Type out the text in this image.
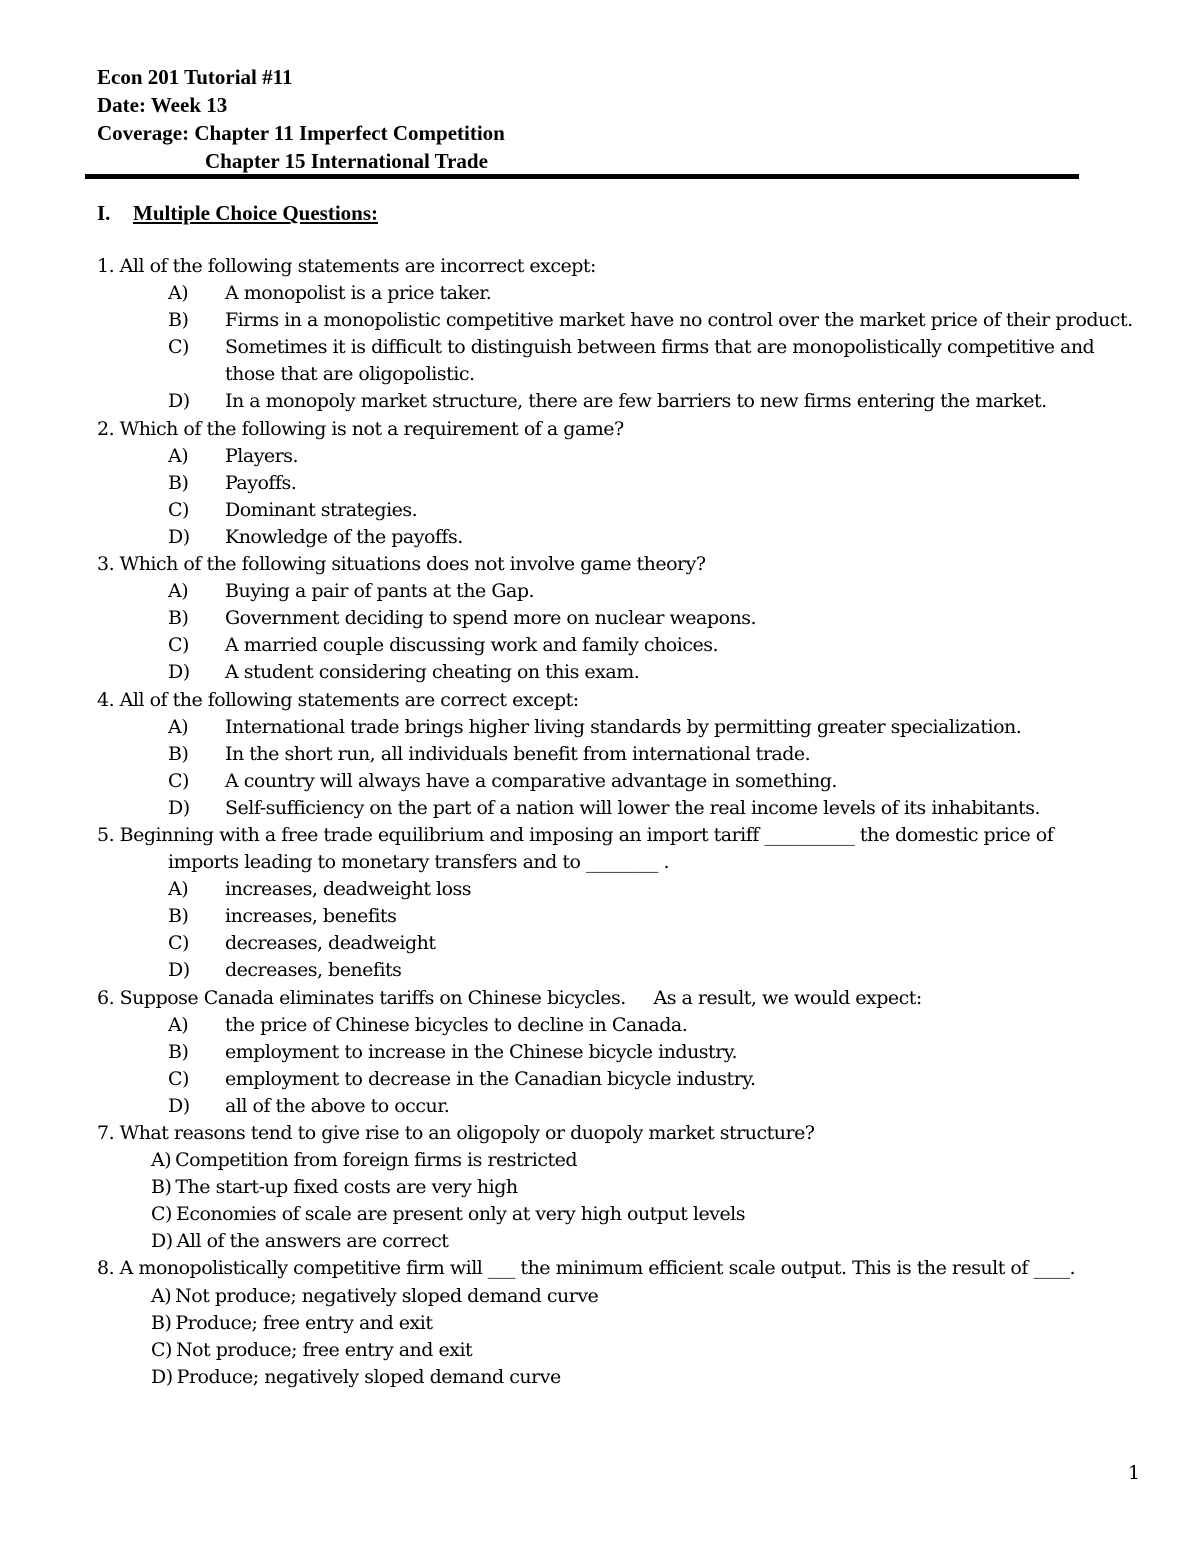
Econ 201 Tutorial #11
Date: Week 13
Coverage: Chapter 11 Imperfect Competition
Chapter 15 International Trade
I. Multiple Choice Questions:
1. All of the following statements are incorrect except:
A)	A monopolist is a price taker.
B)	Firms in a monopolistic competitive market have no control over the market price of their product.
C)	Sometimes it is difficult to distinguish between firms that are monopolistically competitive and those that are oligopolistic.
D)	In a monopoly market structure, there are few barriers to new firms entering the market.
2. Which of the following is not a requirement of a game?
A)	Players.
B)	Payoffs.
C)	Dominant strategies.
D)	Knowledge of the payoffs.
3. Which of the following situations does not involve game theory?
A)	Buying a pair of pants at the Gap.
B)	Government deciding to spend more on nuclear weapons.
C)	A married couple discussing work and family choices.
D)	A student considering cheating on this exam.
4. All of the following statements are correct except:
A)	International trade brings higher living standards by permitting greater specialization.
B)	In the short run, all individuals benefit from international trade.
C)	A country will always have a comparative advantage in something.
D)	Self-sufficiency on the part of a nation will lower the real income levels of its inhabitants.
5. Beginning with a free trade equilibrium and imposing an import tariff __________ the domestic price of
imports leading to monetary transfers and to ________ .
A)	increases, deadweight loss
B)	increases, benefits
C)	decreases, deadweight
D)	decreases, benefits
6. Suppose Canada eliminates tariffs on Chinese bicycles.     As a result, we would expect:
A)	the price of Chinese bicycles to decline in Canada.
B)	employment to increase in the Chinese bicycle industry.
C)	employment to decrease in the Canadian bicycle industry.
D)	all of the above to occur.
7. What reasons tend to give rise to an oligopoly or duopoly market structure?
A) Competition from foreign firms is restricted
B) The start-up fixed costs are very high
C) Economies of scale are present only at very high output levels
D) All of the answers are correct
8. A monopolistically competitive firm will ___ the minimum efficient scale output. This is the result of ____.
A) Not produce; negatively sloped demand curve
B) Produce; free entry and exit
C) Not produce; free entry and exit
D) Produce; negatively sloped demand curve
1
